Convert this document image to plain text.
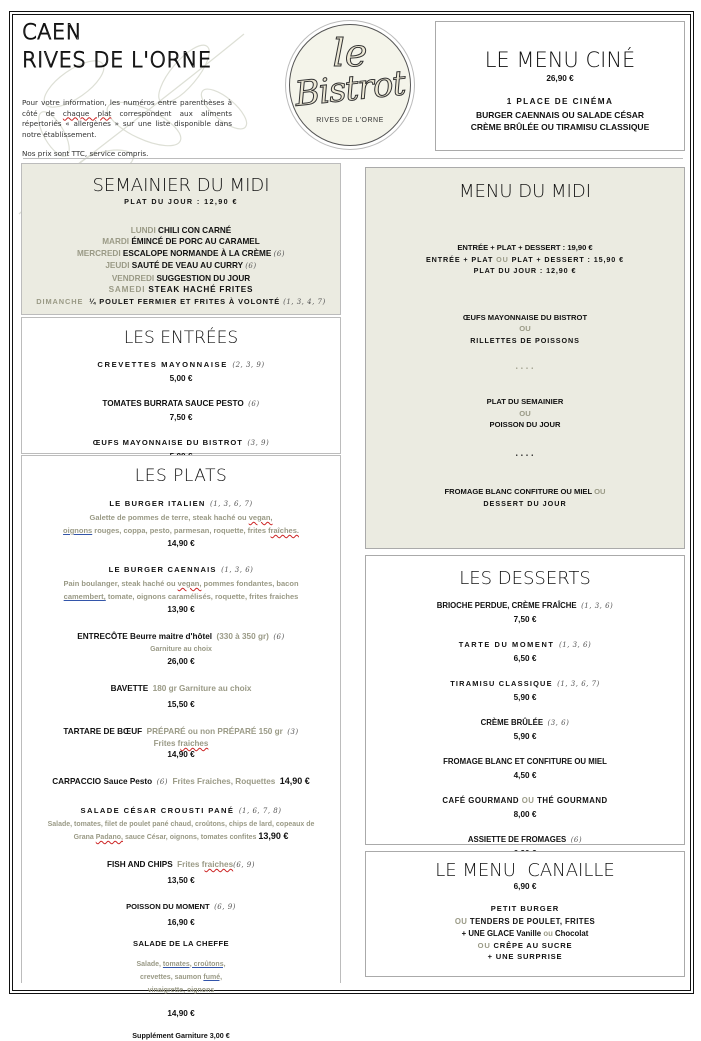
CAEN
RIVES DE L'ORNE
Pour votre information, les numéros entre parenthèses à côté de chaque plat correspondent aux aliments répertoriés « allergènes » sur une liste disponible dans notre établissement.
Nos prix sont TTC, service compris.
le
Bistrot
RIVES DE L'ORNE
LE MENU CINÉ
26,90 €
1 PLACE DE CINÉMA
BURGER CAENNAIS OU SALADE CÉSAR
CRÈME BRÛLÉE OU TIRAMISU CLASSIQUE
SEMAINIER DU MIDI
PLAT DU JOUR : 12,90 €
LUNDI CHILI CON CARNÉ
MARDI ÉMINCÉ DE PORC AU CARAMEL
MERCREDI ESCALOPE NORMANDE À LA CRÈME (6)
JEUDI SAUTÉ DE VEAU AU CURRY (6)
VENDREDI SUGGESTION DU JOUR
SAMEDI STEAK HACHÉ FRITES
DIMANCHE ¼ POULET FERMIER ET FRITES À VOLONTÉ (1, 3, 4, 7)
LES ENTRÉES
CREVETTES MAYONNAISE (2, 3, 9)
5,00 €
TOMATES BURRATA SAUCE PESTO (6)
7,50 €
ŒUFS MAYONNAISE DU BISTROT (3, 9)
LES PLATS
LE BURGER ITALIEN (1, 3, 6, 7)
Galette de pommes de terre, steak haché ou vegan,
oignons rouges, coppa, pesto, parmesan, roquette, frites fraîches.
14,90 €
LE BURGER CAENNAIS (1, 3, 6)
Pain boulanger, steak haché ou vegan, pommes fondantes, bacon
camembert, tomate, oignons caramélisés, roquette, frites fraiches
13,90 €
ENTRECÔTE Beurre maitre d'hôtel (330 à 350 gr) (6)
Garniture au choix
26,00 €
BAVETTE 180 gr Garniture au choix
15,50 €
TARTARE DE BŒUF PRÉPARÉ ou non PRÉPARÉ 150 gr (3)
Frites fraiches
14,90 €
CARPACCIO Sauce Pesto (6) Frites Fraiches, Roquettes 14,90 €
SALADE CÉSAR CROUSTI PANÉ (1, 6, 7, 8)
Salade, tomates, filet de poulet pané chaud, croûtons, chips de lard, copeaux de
Grana Padano, sauce César, oignons, tomates confites 13,90 €
FISH AND CHIPS Frites fraiches(6, 9)
13,50 €
POISSON DU MOMENT (6, 9)
16,90 €
SALADE DE LA CHEFFE
Salade, tomates, croûtons,
crevettes, saumon fumé,
vinaigrette, oignons
14,90 €
Supplément Garniture 3,00 €
MENU DU MIDI
ENTRÉE + PLAT + DESSERT : 19,90 €
ENTRÉE + PLAT OU PLAT + DESSERT : 15,90 €
PLAT DU JOUR : 12,90 €
ŒUFS MAYONNAISE DU BISTROT
OU
RILLETTES DE POISSONS
• • • •
PLAT DU SEMAINIER
OU
POISSON DU JOUR
• • • •
FROMAGE BLANC CONFITURE OU MIEL OU
DESSERT DU JOUR
LES DESSERTS
BRIOCHE PERDUE, CRÈME FRAÎCHE (1, 3, 6)
7,50 €
TARTE DU MOMENT (1, 3, 6)
6,50 €
TIRAMISU CLASSIQUE (1, 3, 6, 7)
5,90 €
CRÈME BRÛLÉE (3, 6)
5,90 €
FROMAGE BLANC ET CONFITURE OU MIEL
4,50 €
CAFÉ GOURMAND OU THÉ GOURMAND
8,00 €
ASSIETTE DE FROMAGES (6)
LE MENU  CANAILLE
6,90 €
PETIT BURGER
OU TENDERS DE POULET, FRITES
+ UNE GLACE Vanille ou Chocolat
OU CRÊPE AU SUCRE
+ UNE SURPRISE
